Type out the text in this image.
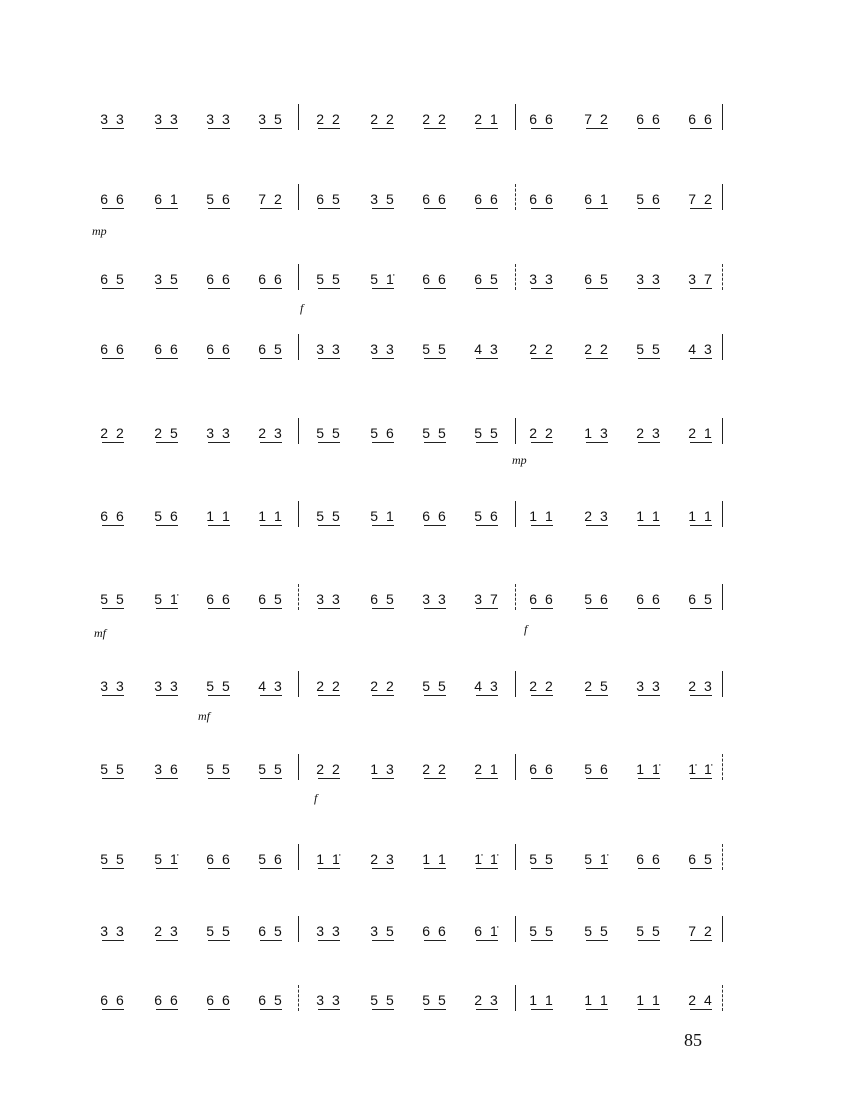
3 3	3 3	3 3	3 5	2 2	2 2	2 2	2 1	6 6	7 2	6 6	6 6
6 6	6 1	5 6	7 2	6 5	3 5	6 6	6 6	6 6	6 1	5 6	7 2
mp
6 5	3 5	6 6	6 6	5 5	5 1̇	6 6	6 5	3 3	6 5	3 3	3 7
f
6 6	6 6	6 6	6 5	3 3	3 3	5 5	4 3	2 2	2 2	5 5	4 3
2 2	2 5	3 3	2 3	5 5	5 6	5 5	5 5	2 2	1 3	2 3	2 1
mp
6 6	5 6	1 1	1 1	5 5	5 1	6 6	5 6	1 1	2 3	1 1	1 1
5 5	5 1̇	6 6	6 5	3 3	6 5	3 3	3 7	6 6	5 6	6 6	6 5
mf	f
3 3	3 3	5 5	4 3	2 2	2 2	5 5	4 3	2 2	2 5	3 3	2 3
mf
5 5	3 6	5 5	5 5	2 2	1 3	2 2	2 1	6 6	5 6	1 1̇	1̇ 1̇
f
5 5	5 1̇	6 6	5 6	1 1̇	2 3	1 1	1̇ 1̇	5 5	5 1̇	6 6	6 5
3 3	2 3	5 5	6 5	3 3	3 5	6 6	6 1̇	5 5	5 5	5 5	7 2
6 6	6 6	6 6	6 5	3 3	5 5	5 5	2 3	1 1	1 1	1 1	2 4
85
